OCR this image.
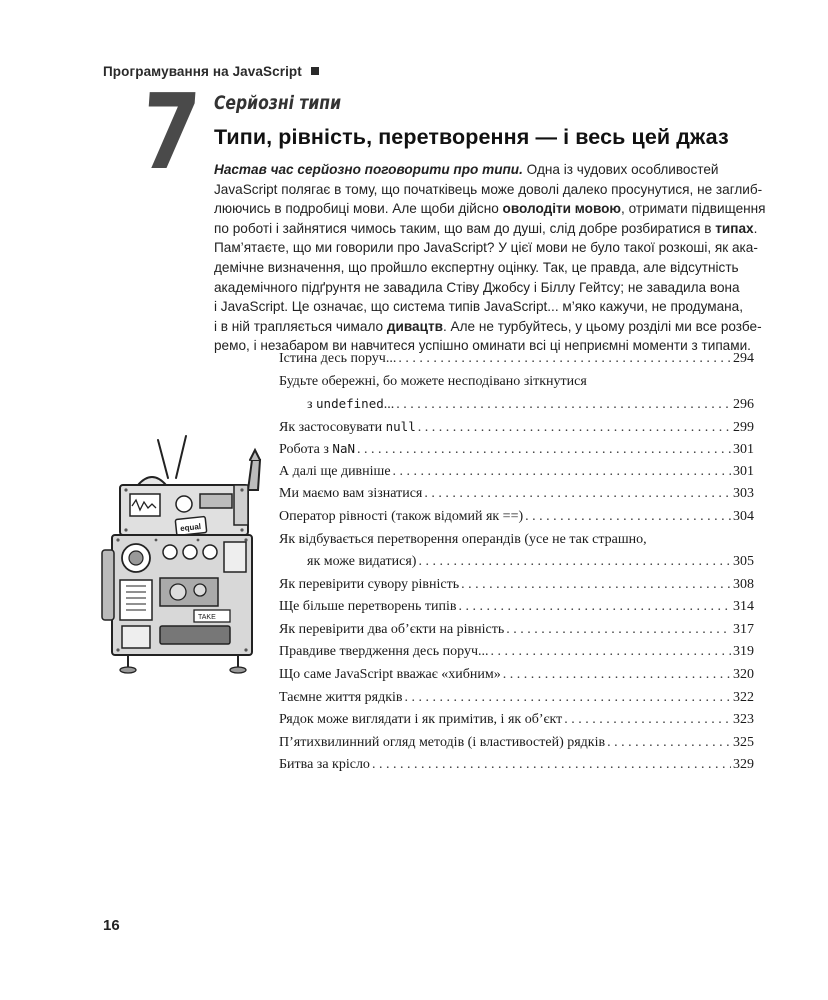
Програмування на JavaScript
7 Серйозні типи
Типи, рівність, перетворення — і весь цей джаз
Настав час серйозно поговорити про типи. Одна із чудових особливостей
JavaScript полягає в тому, що початківець може доволі далеко просунутися, не заглиб-
люючись в подробиці мови. Але щоби дійсно оволодіти мовою, отримати підвищення
по роботі і зайнятися чимось таким, що вам до душі, слід добре розбиратися в типах.
Пам’ятаєте, що ми говорили про JavaScript? У цієї мови не було такої розкоші, як ака-
демічне визначення, що пройшло експертну оцінку. Так, це правда, але відсутність
академічного підґрунтя не завадила Стіву Джобсу і Біллу Гейтсу; не завадила вона
і JavaScript. Це означає, що система типів JavaScript... м’яко кажучи, не продумана,
і в ній трапляється чимало дивацтв. Але не турбуйтесь, у цьому розділі ми все розбе-
ремо, і незабаром ви навчитеся успішно оминати всі ці неприємні моменти з типами.
equal
TAKE
Істина десь поруч... . . .	294
Будьте обережні, бо можете несподівано зіткнутися
з undefined... . . .	296
Як застосовувати null . . .	299
Робота з NaN . . .	301
А далі ще дивніше . . .	301
Ми маємо вам зізнатися . . .	303
Оператор рівності (також відомий як ==) . . .	304
Як відбувається перетворення операндів (усе не так страшно,
як може видатися) . . .	305
Як перевірити сувору рівність . . .	308
Ще більше перетворень типів . . .	314
Як перевірити два об’єкти на рівність . . .	317
Правдиве твердження десь поруч... . . .	319
Що саме JavaScript вважає «хибним» . . .	320
Таємне життя рядків . . .	322
Рядок може виглядати і як примітив, і як об’єкт . . .	323
П’ятихвилинний огляд методів (і властивостей) рядків . . .	325
Битва за крісло . . .	329
16
